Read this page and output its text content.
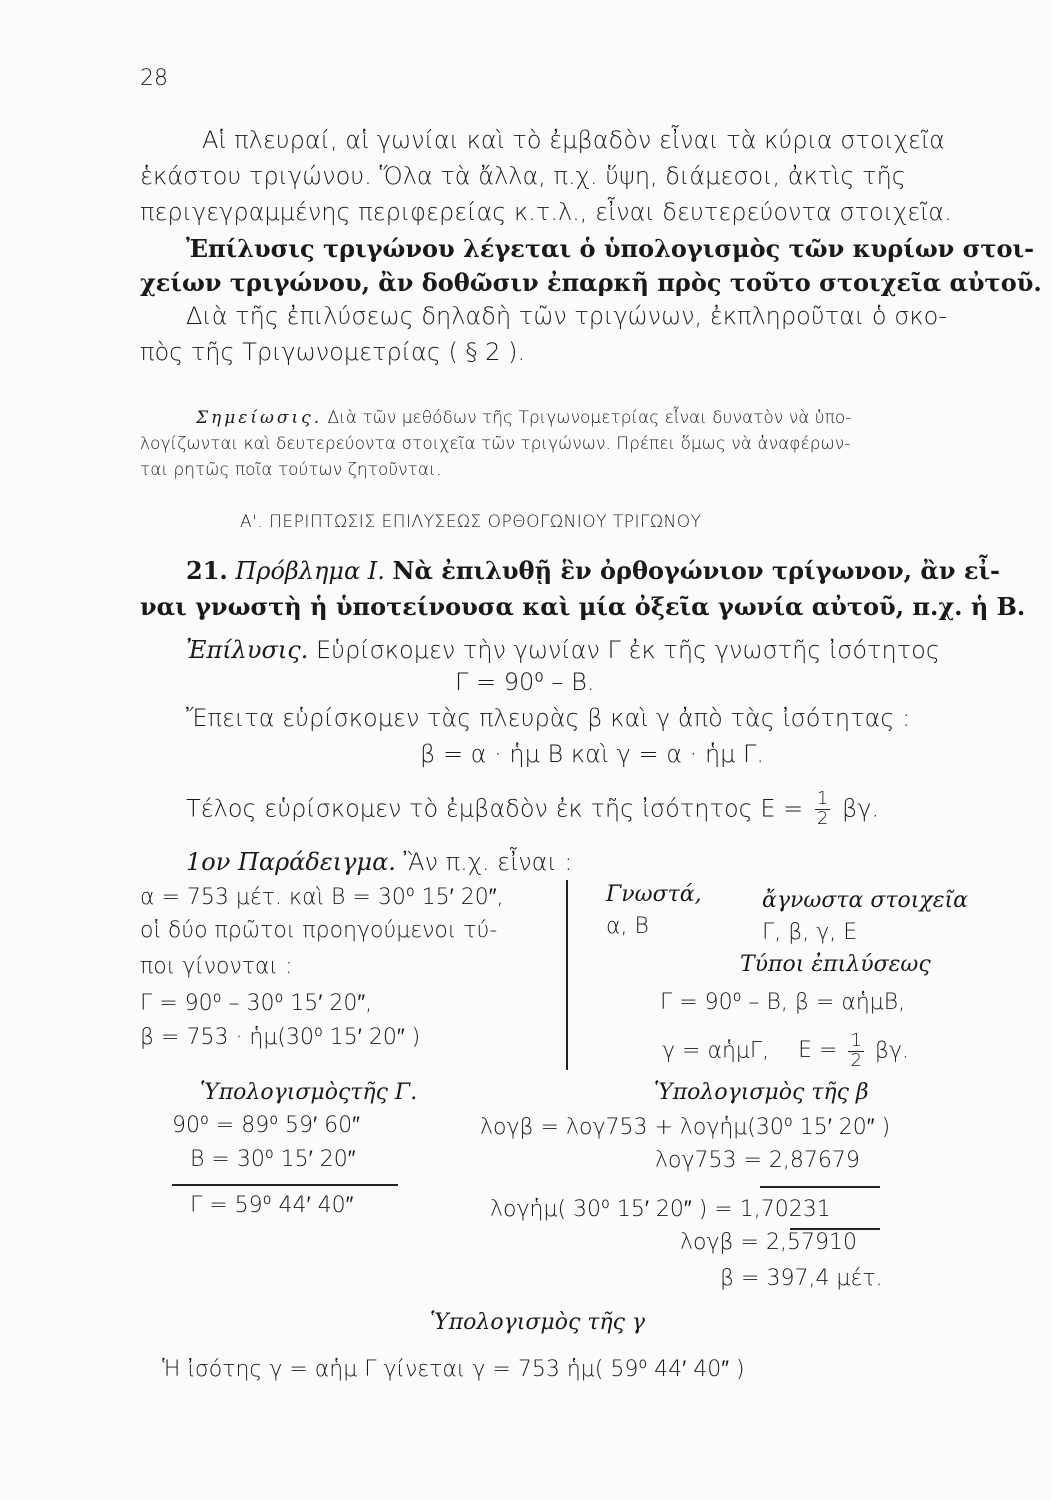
28
Αἱ πλευραί, αἱ γωνίαι καὶ τὸ ἐμβαδὸν εἶναι τὰ κύρια στοιχεῖα
ἑκάστου τριγώνου. Ὅλα τὰ ἄλλα, π.χ. ὕψη, διάμεσοι, ἀκτὶς τῆς
περιγεγραμμένης περιφερείας κ.τ.λ., εἶναι δευτερεύοντα στοιχεῖα.
Ἐπίλυσις τριγώνου λέγεται ὁ ὑπολογισμὸς τῶν κυρίων στοι-
χείων τριγώνου, ἂν δοθῶσιν ἐπαρκῆ πρὸς τοῦτο στοιχεῖα αὐτοῦ.
Διὰ τῆς ἐπιλύσεως δηλαδὴ τῶν τριγώνων, ἐκπληροῦται ὁ σκο-
πὸς τῆς Τριγωνομετρίας ( § 2 ).
Σημείωσις. Διὰ τῶν μεθόδων τῆς Τριγωνομετρίας εἶναι δυνατὸν νὰ ὑπο-
λογίζωνται καὶ δευτερεύοντα στοιχεῖα τῶν τριγώνων. Πρέπει ὅμως νὰ ἀναφέρων-
ται ρητῶς ποῖα τούτων ζητοῦνται.
Α'. ΠΕΡΙΠΤΩΣΙΣ ΕΠΙΛΥΣΕΩΣ ΟΡΘΟΓΩΝΙΟΥ ΤΡΙΓΩΝΟΥ
21. Πρόβλημα Ι. Νὰ ἐπιλυθῇ ἓν ὀρθογώνιον τρίγωνον, ἂν εἶ-
ναι γνωστὴ ἡ ὑποτείνουσα καὶ μία ὀξεῖα γωνία αὐτοῦ, π.χ. ἡ Β.
Ἐπίλυσις. Εὑρίσκομεν τὴν γωνίαν Γ ἐκ τῆς γνωστῆς ἰσότητος
Γ = 90⁰ – Β.
Ἔπειτα εὑρίσκομεν τὰς πλευρὰς β καὶ γ ἀπὸ τὰς ἰσότητας :
β = α · ἡμ Β καὶ γ = α · ἡμ Γ.
Τέλος εὑρίσκομεν τὸ ἐμβαδὸν ἐκ τῆς ἰσότητος $E = \frac{1}{2} \beta\gamma$.
1ον Παράδειγμα. Ἂν π.χ. εἶναι :
α = 753 μέτ. καὶ Β = 30⁰ 15′ 20″,
οἱ δύο πρῶτοι προηγούμενοι τύ-
ποι γίνονται :
Γ = 90⁰ – 30⁰ 15′ 20″,
β = 753 · ἡμ(30⁰ 15′ 20″ )
Γνωστά,	ἄγνωστα στοιχεῖα
α, Β	Γ, β, γ, Ε
Τύποι ἐπιλύσεως
Γ = 90⁰ – Β, β = αἡμΒ,
γ = αἡμΓ, $E = \frac{1}{2} \beta\gamma$.
Ὑπολογισμὸςτῆς Γ.
90⁰ = 89⁰ 59′ 60″
Β = 30⁰ 15′ 20″
Γ = 59⁰ 44′ 40″
Ὑπολογισμὸς τῆς β
λογβ = λογ753 + λογἡμ(30⁰ 15′ 20″ )
λογ753 = 2,87679
λογἡμ( 30⁰ 15′ 20″ ) = 1,70231
λογβ = 2,57910
β = 397,4 μέτ.
Ὑπολογισμὸς τῆς γ
Ἡ ἰσότης γ = αἡμ Γ γίνεται γ = 753 ἡμ( 59⁰ 44′ 40″ )
